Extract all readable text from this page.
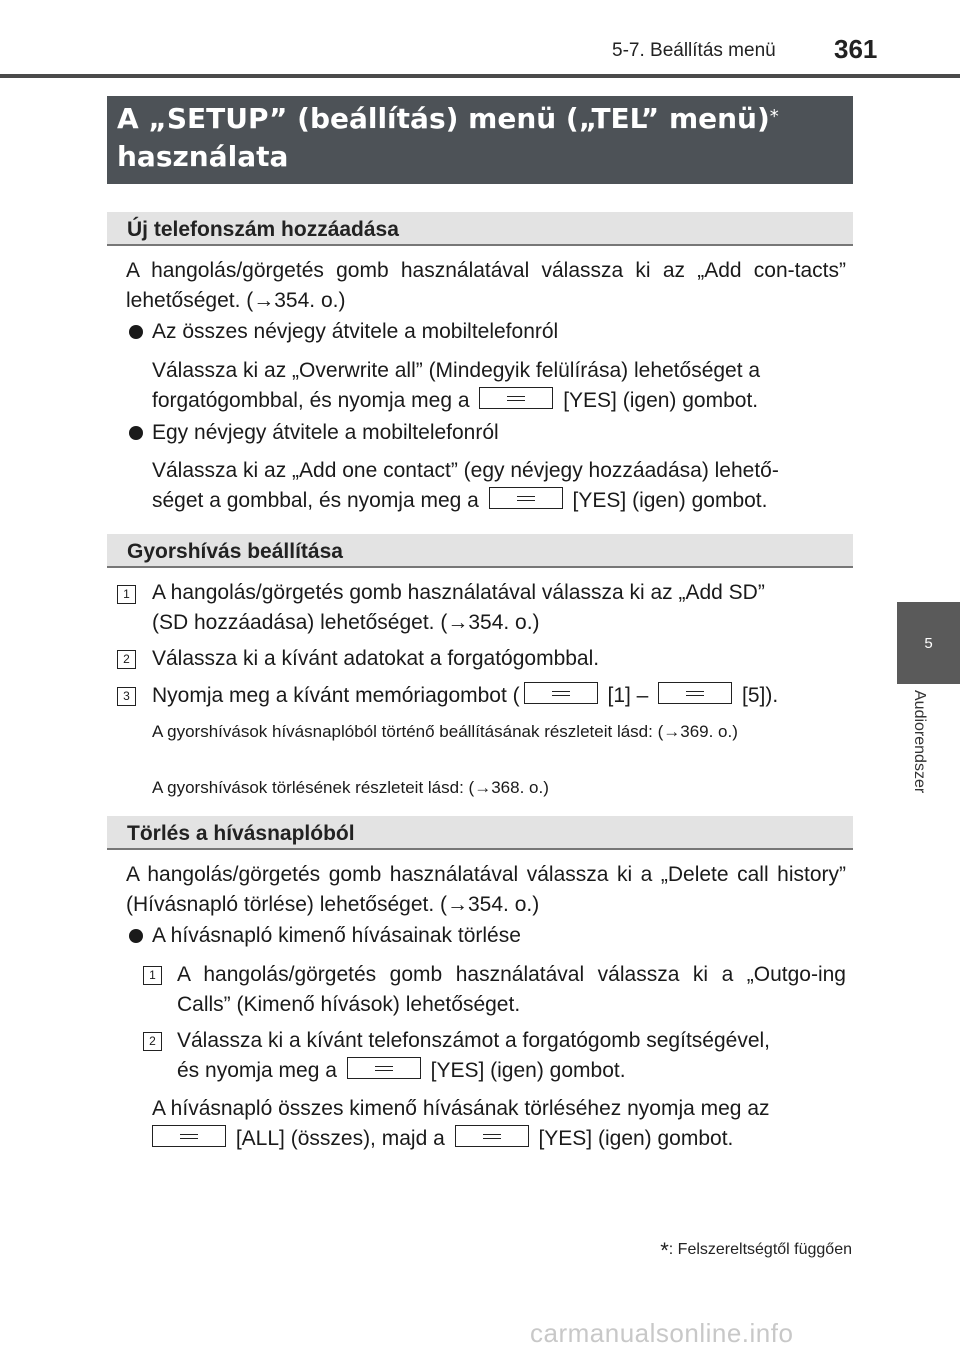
5-7. Beállítás menü 361
5
Audiorendszer
A „SETUP” (beállítás) menü („TEL” menü)*
használata
Új telefonszám hozzáadása
A hangolás/görgetés gomb használatával válassza ki az „Add con-tacts” lehetőséget. (→354. o.)
Az összes névjegy átvitele a mobiltelefonról
Válassza ki az „Overwrite all” (Mindegyik felülírása) lehetőséget a
forgatógombbal, és nyomja meg a	[YES] (igen) gombot.
Egy névjegy átvitele a mobiltelefonról
Válassza ki az „Add one contact” (egy névjegy hozzáadása) lehető-
séget a gombbal, és nyomja meg a	[YES] (igen) gombot.
Gyorshívás beállítása
1 A hangolás/görgetés gomb használatával válassza ki az „Add SD”
(SD hozzáadása) lehetőséget. (→354. o.)
2 Válassza ki a kívánt adatokat a forgatógombbal.
3 Nyomja meg a kívánt memóriagombot (	[1] –	[5]).
A gyorshívások hívásnaplóból történő beállításának részleteit lásd: (→369. o.)
A gyorshívások törlésének részleteit lásd: (→368. o.)
Törlés a hívásnaplóból
A hangolás/görgetés gomb használatával válassza ki a „Delete call history” (Hívásnapló törlése) lehetőséget. (→354. o.)
A hívásnapló kimenő hívásainak törlése
1 A hangolás/görgetés gomb használatával válassza ki a „Outgo-ing Calls” (Kimenő hívások) lehetőséget.
2 Válassza ki a kívánt telefonszámot a forgatógomb segítségével,
és nyomja meg a	[YES] (igen) gombot.
A hívásnapló összes kimenő hívásának törléséhez nyomja meg az
[ALL] (összes), majd a	[YES] (igen) gombot.
*: Felszereltségtől függően
carmanualsonline.info
